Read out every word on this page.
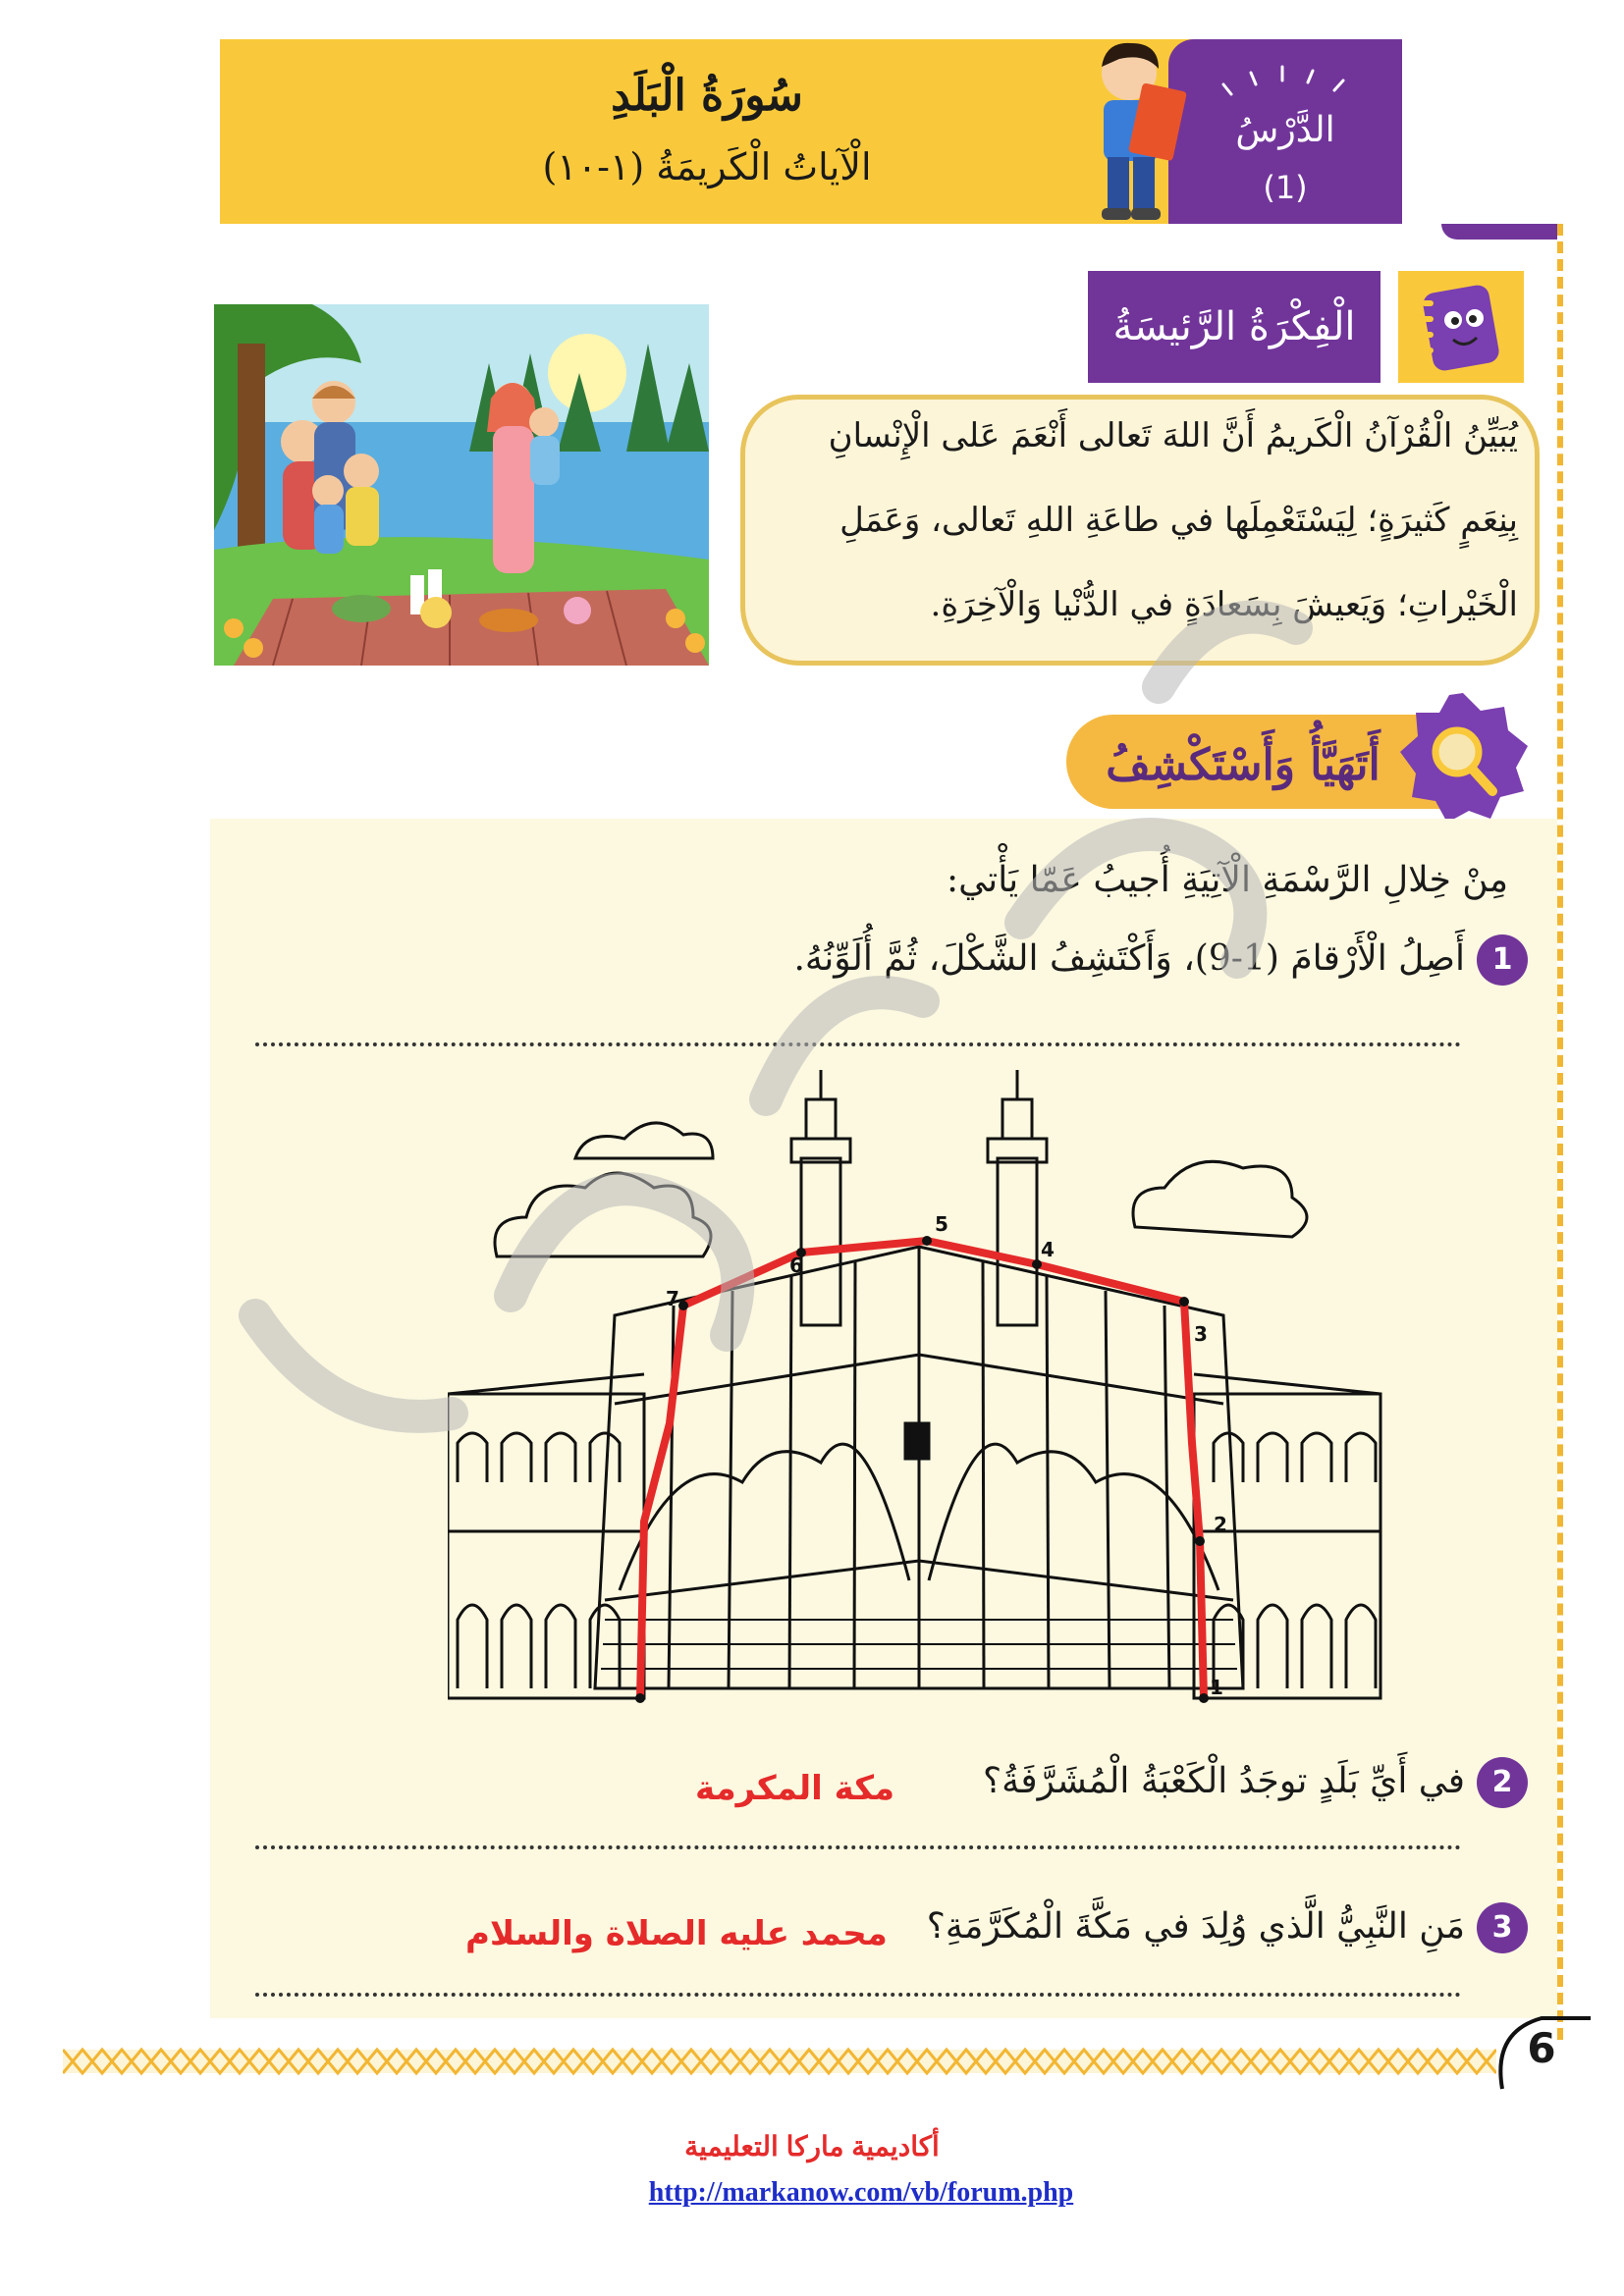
سُورَةُ الْبَلَدِ
الْآياتُ الْكَريمَةُ (١-١٠)
الدَّرْسُ
(1)
الْفِكْرَةُ الرَّئيسَةُ
يُبَيِّنُ الْقُرْآنُ الْكَريمُ أَنَّ اللهَ تَعالى أَنْعَمَ عَلى الْإِنْسانِ
بِنِعَمٍ كَثيرَةٍ؛ لِيَسْتَعْمِلَها في طاعَةِ اللهِ تَعالى، وَعَمَلِ
الْخَيْراتِ؛ وَيَعيشَ بِسَعادَةٍ في الدُّنْيا وَالْآخِرَةِ.
أَتَهَيَّأُ وَأَسْتَكْشِفُ
مِنْ خِلالِ الرَّسْمَةِ الْآتِيَةِ أُجيبُ عَمّا يَأْتي:
1
أَصِلُ الْأَرْقامَ (1-9)، وَأَكْتَشِفُ الشَّكْلَ، ثُمَّ أُلَوِّنُهُ.
1
2
3
4
5
6
7
2
في أَيِّ بَلَدٍ توجَدُ الْكَعْبَةُ الْمُشَرَّفَةُ؟
مكة المكرمة
3
مَنِ النَّبِيُّ الَّذي وُلِدَ في مَكَّةَ الْمُكَرَّمَةِ؟
محمد عليه الصلاة والسلام
6
أكاديمية ماركا التعليمية
http://markanow.com/vb/forum.php
